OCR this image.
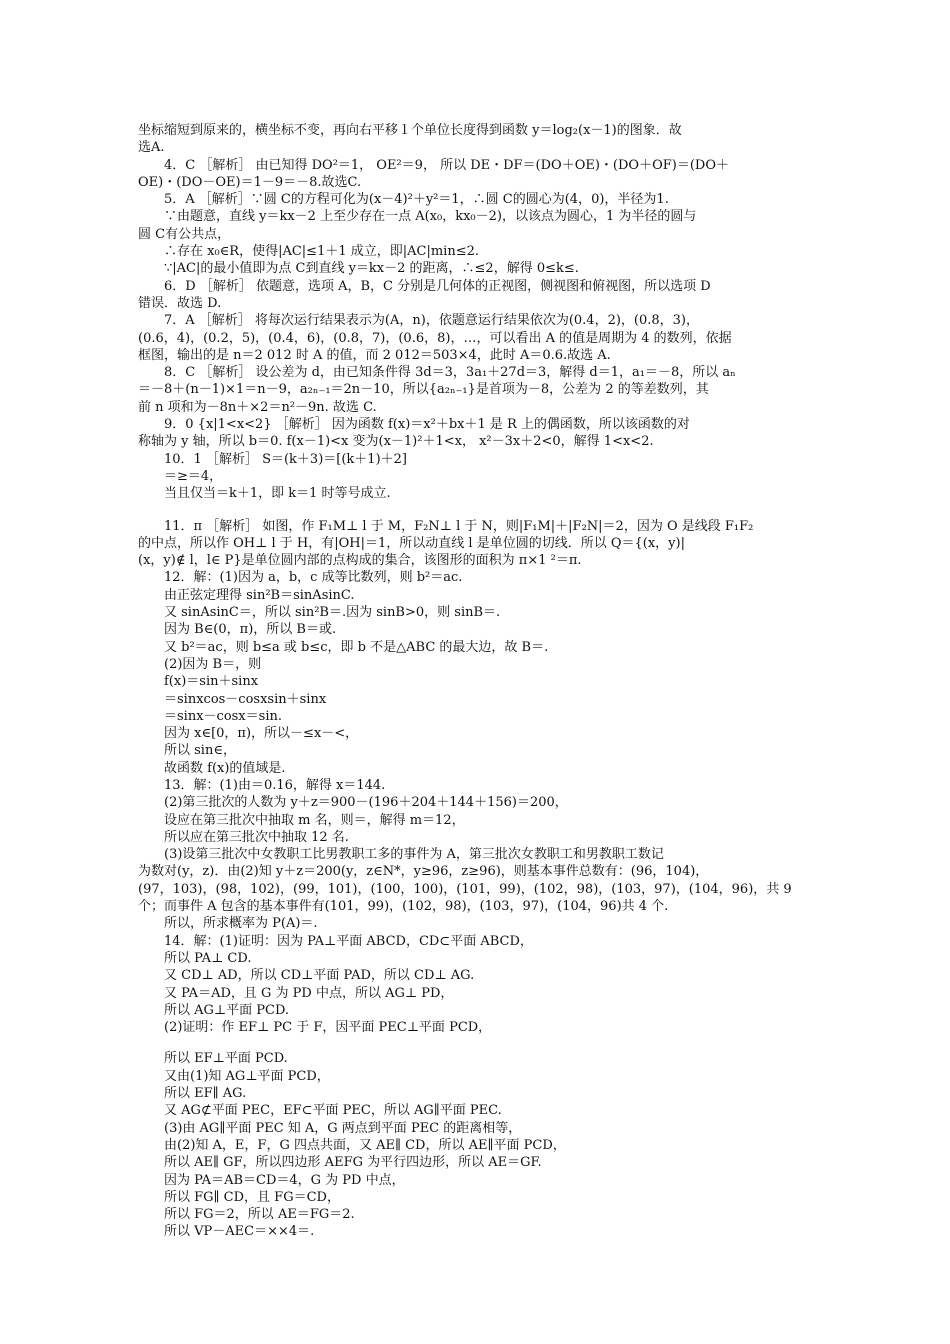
坐标缩短到原来的，横坐标不变，再向右平移１个单位长度得到函数 y＝log₂(x－1)的图象．故
选A.
4．C ［解析］ 由已知得 DO²＝1， OE²＝9， 所以 DE・DF＝(DO＋OE)・(DO＋OF)＝(DO＋
OE)・(DO－OE)＝1－9＝－8.故选C.
5．A ［解析］∵圆 C的方程可化为(x－4)²＋y²＝1，∴圆 C的圆心为(4，0)，半径为1.
∵由题意，直线 y＝kx－2 上至少存在一点 A(x₀，kx₀－2)，以该点为圆心，1 为半径的圆与
圆 C有公共点，
∴存在 x₀∈R，使得|AC|≤1＋1 成立，即|AC|min≤2.
∵|AC|的最小值即为点 C到直线 y＝kx－2 的距离，∴≤2，解得 0≤k≤.
6．D ［解析］ 依题意，选项 A，B，C 分别是几何体的正视图，侧视图和俯视图，所以选项 D
错误．故选 D.
7．A ［解析］ 将每次运行结果表示为(A，n)，依题意运行结果依次为(0.4，2)，(0.8，3)，
(0.6，4)，(0.2，5)，(0.4，6)，(0.8，7)，(0.6，8)，…，可以看出 A 的值是周期为 4 的数列，依据
框图，输出的是 n＝2 012 时 A 的值，而 2 012＝503×4，此时 A＝0.6.故选 A.
8．C ［解析］ 设公差为 d，由已知条件得 3d＝3，3a₁＋27d＝3，解得 d＝1，a₁＝－8，所以 aₙ
＝－8＋(n－1)×1＝n－9，a₂ₙ₋₁＝2n－10，所以{a₂ₙ₋₁}是首项为－8，公差为 2 的等差数列，其
前 n 项和为－8n＋×2＝n²－9n. 故选 C.
9．0 {x|1<x<2} ［解析］ 因为函数 f(x)＝x²＋bx＋1 是 R 上的偶函数，所以该函数的对
称轴为 y 轴，所以 b＝0. f(x－1)<x 变为(x－1)²＋1<x， x²－3x＋2<0，解得 1<x<2.
10．1 ［解析］ S＝(k＋3)＝[(k＋1)＋2]
＝≥＝4，
当且仅当＝k＋1，即 k＝1 时等号成立.
11．π ［解析］ 如图，作 F₁M⊥ l 于 M，F₂N⊥ l 于 N，则|F₁M|＋|F₂N|＝2，因为 O 是线段 F₁F₂
的中点，所以作 OH⊥ l 于 H，有|OH|＝1，所以动直线 l 是单位圆的切线．所以 Q＝{(x，y)|
(x，y)∉ l，l∈ P}是单位圆内部的点构成的集合，该图形的面积为 π×1 ²＝π.
12．解：(1)因为 a，b，c 成等比数列，则 b²＝ac.
由正弦定理得 sin²B＝sinAsinC.
又 sinAsinC＝，所以 sin²B＝.因为 sinB>0，则 sinB＝.
因为 B∈(0，π)，所以 B＝或.
又 b²＝ac，则 b≤a 或 b≤c，即 b 不是△ABC 的最大边，故 B＝.
(2)因为 B＝，则
f(x)＝sin＋sinx
＝sinxcos－cosxsin＋sinx
＝sinx－cosx＝sin.
因为 x∈[0，π)，所以－≤x－<，
所以 sin∈，
故函数 f(x)的值域是.
13．解：(1)由＝0.16，解得 x＝144.
(2)第三批次的人数为 y＋z＝900－(196＋204＋144＋156)＝200，
设应在第三批次中抽取 m 名，则＝，解得 m＝12，
所以应在第三批次中抽取 12 名.
(3)设第三批次中女教职工比男教职工多的事件为 A，第三批次女教职工和男教职工数记
为数对(y，z)．由(2)知 y＋z＝200(y，z∈N*，y≥96，z≥96)，则基本事件总数有：(96，104)，
(97，103)，(98，102)，(99，101)，(100，100)，(101，99)，(102，98)，(103，97)，(104，96)，共 9
个；而事件 A 包含的基本事件有(101，99)，(102，98)，(103，97)，(104，96)共 4 个.
所以，所求概率为 P(A)＝.
14．解：(1)证明：因为 PA⊥平面 ABCD，CD⊂平面 ABCD，
所以 PA⊥ CD.
又 CD⊥ AD，所以 CD⊥平面 PAD，所以 CD⊥ AG.
又 PA＝AD，且 G 为 PD 中点，所以 AG⊥ PD，
所以 AG⊥平面 PCD.
(2)证明：作 EF⊥ PC 于 F，因平面 PEC⊥平面 PCD，
所以 EF⊥平面 PCD.
又由(1)知 AG⊥平面 PCD，
所以 EF∥ AG.
又 AG⊄平面 PEC，EF⊂平面 PEC，所以 AG∥平面 PEC.
(3)由 AG∥平面 PEC 知 A，G 两点到平面 PEC 的距离相等，
由(2)知 A，E，F，G 四点共面，又 AE∥ CD，所以 AE∥平面 PCD，
所以 AE∥ GF，所以四边形 AEFG 为平行四边形，所以 AE＝GF.
因为 PA＝AB＝CD＝4，G 为 PD 中点，
所以 FG∥ CD，且 FG＝CD，
所以 FG＝2，所以 AE＝FG＝2.
所以 VP－AEC＝××4＝.
